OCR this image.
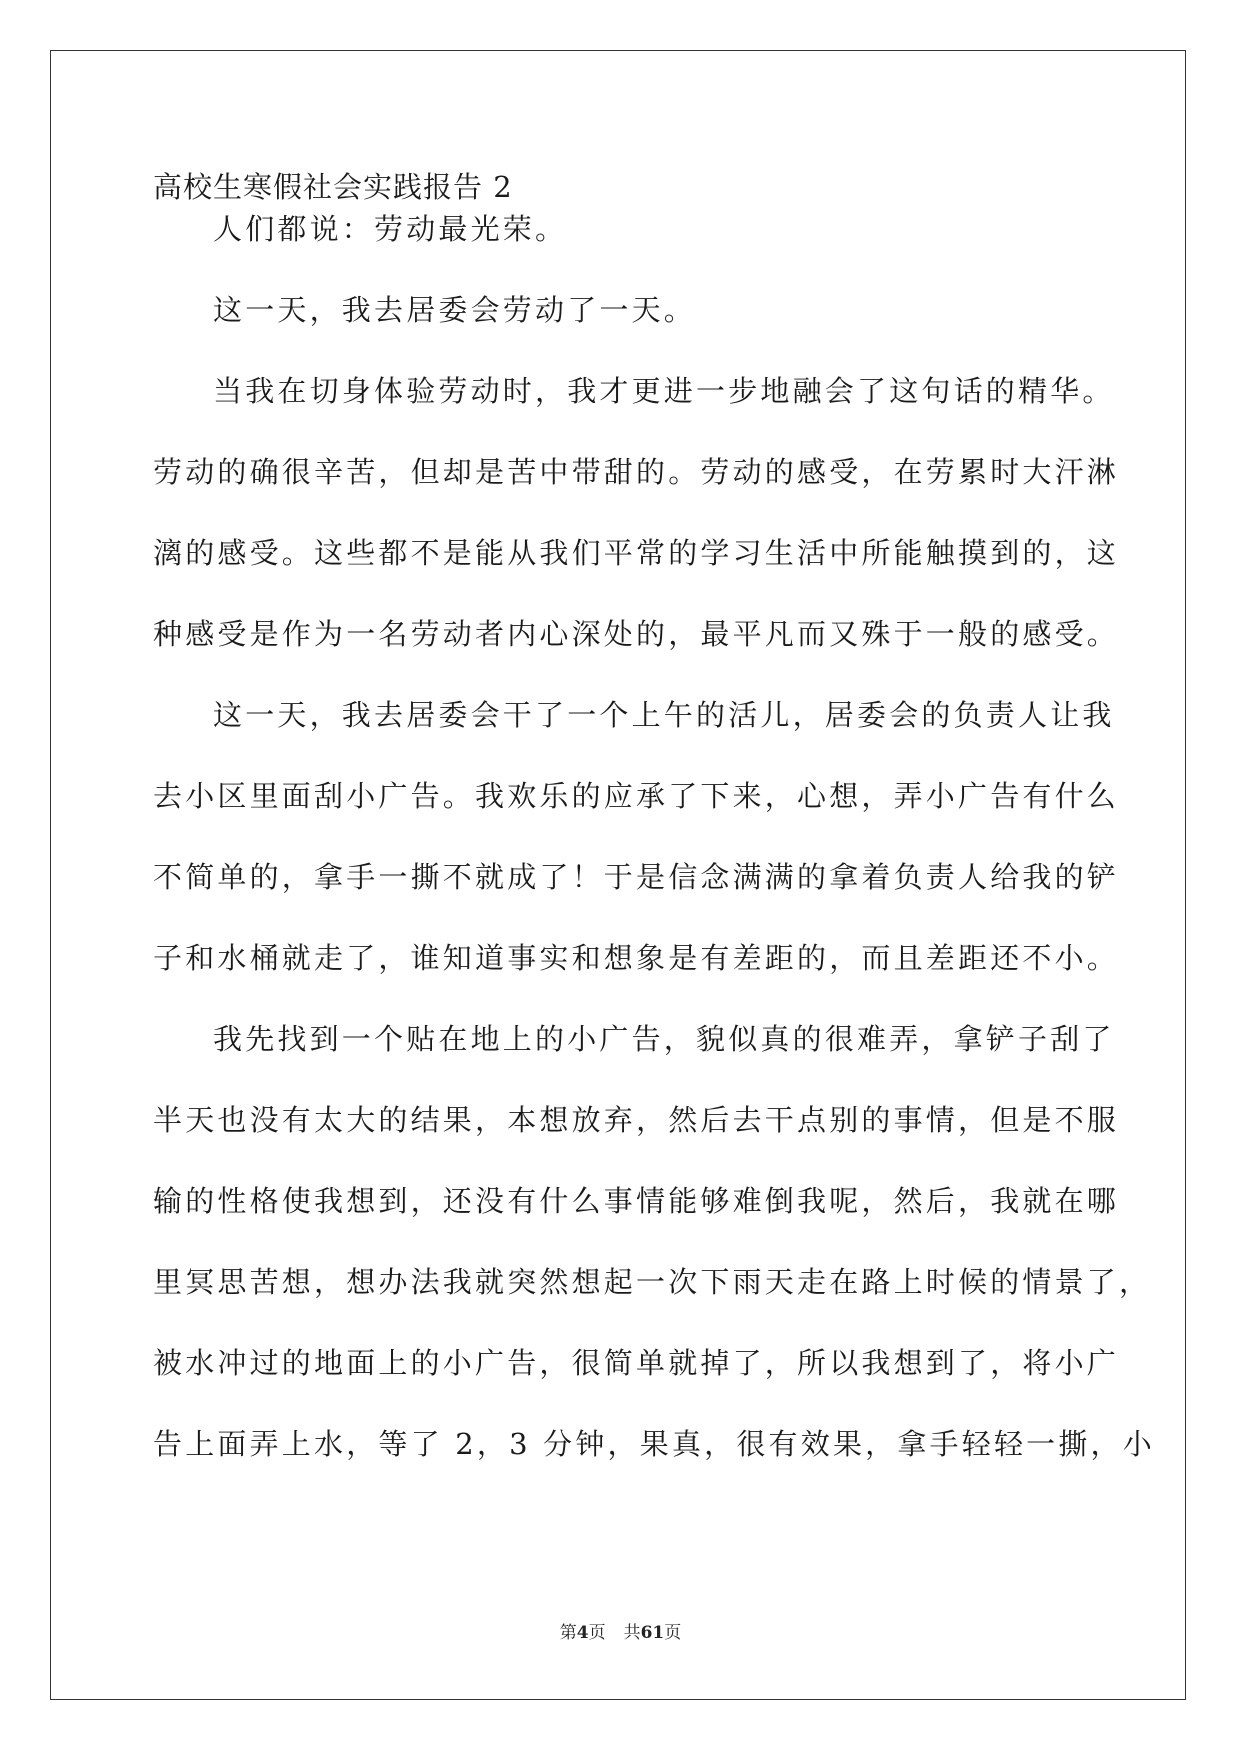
高校生寒假社会实践报告 2
人们都说：劳动最光荣。
这一天，我去居委会劳动了一天。
当我在切身体验劳动时，我才更进一步地融会了这句话的精华。
劳动的确很辛苦，但却是苦中带甜的。劳动的感受，在劳累时大汗淋
漓的感受。这些都不是能从我们平常的学习生活中所能触摸到的，这
种感受是作为一名劳动者内心深处的，最平凡而又殊于一般的感受。
这一天，我去居委会干了一个上午的活儿，居委会的负责人让我
去小区里面刮小广告。我欢乐的应承了下来，心想，弄小广告有什么
不简单的，拿手一撕不就成了！于是信念满满的拿着负责人给我的铲
子和水桶就走了，谁知道事实和想象是有差距的，而且差距还不小。
我先找到一个贴在地上的小广告，貌似真的很难弄，拿铲子刮了
半天也没有太大的结果，本想放弃，然后去干点别的事情，但是不服
输的性格使我想到，还没有什么事情能够难倒我呢，然后，我就在哪
里冥思苦想，想办法我就突然想起一次下雨天走在路上时候的情景了，
被水冲过的地面上的小广告，很简单就掉了，所以我想到了，将小广
告上面弄上水，等了 2，3 分钟，果真，很有效果，拿手轻轻一撕，小
第4页 共61页
